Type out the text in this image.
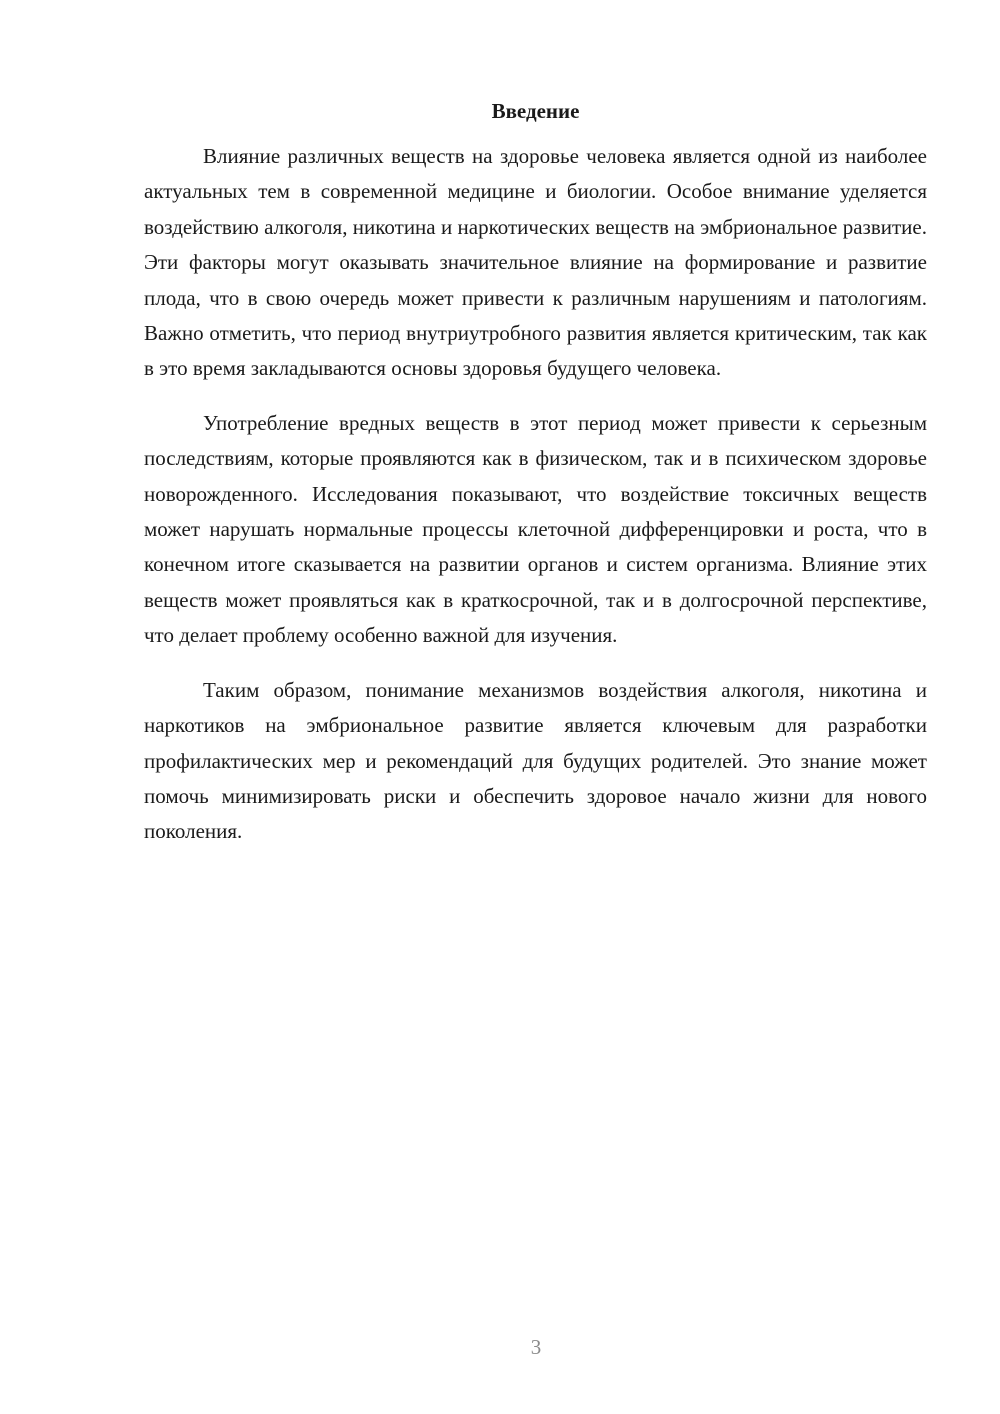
Введение

Влияние различных веществ на здоровье человека является одной из наиболее актуальных тем в современной медицине и биологии. Особое внимание уделяется воздействию алкоголя, никотина и наркотических веществ на эмбриональное развитие. Эти факторы могут оказывать значительное влияние на формирование и развитие плода, что в свою очередь может привести к различным нарушениям и патологиям. Важно отметить, что период внутриутробного развития является критическим, так как в это время закладываются основы здоровья будущего человека.

Употребление вредных веществ в этот период может привести к серьезным последствиям, которые проявляются как в физическом, так и в психическом здоровье новорожденного. Исследования показывают, что воздействие токсичных веществ может нарушать нормальные процессы клеточной дифференцировки и роста, что в конечном итоге сказывается на развитии органов и систем организма. Влияние этих веществ может проявляться как в краткосрочной, так и в долгосрочной перспективе, что делает проблему особенно важной для изучения.

Таким образом, понимание механизмов воздействия алкоголя, никотина и наркотиков на эмбриональное развитие является ключевым для разработки профилактических мер и рекомендаций для будущих родителей. Это знание может помочь минимизировать риски и обеспечить здоровое начало жизни для нового поколения.

3
